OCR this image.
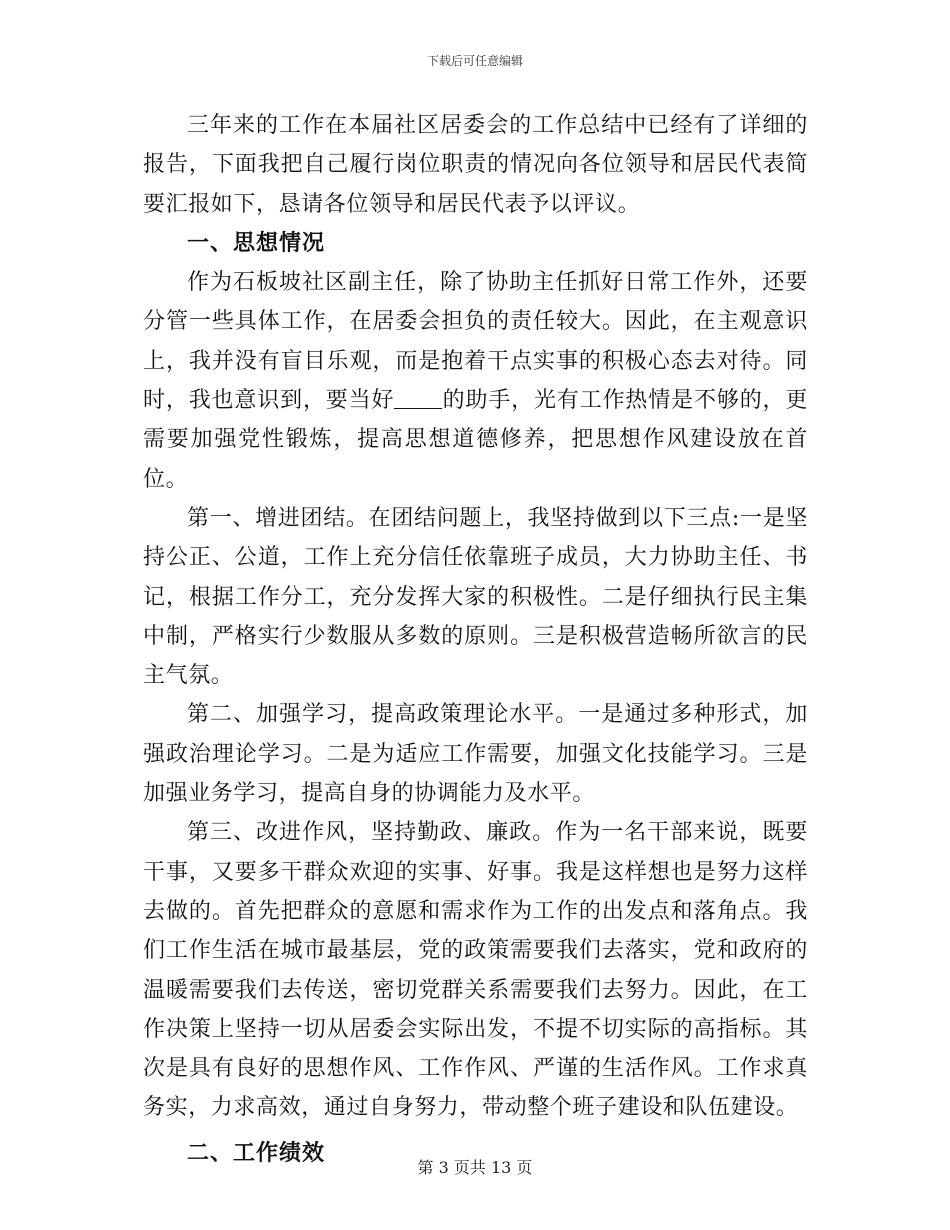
下载后可任意编辑

三年来的工作在本届社区居委会的工作总结中已经有了详细的报告，下面我把自己履行岗位职责的情况向各位领导和居民代表简要汇报如下，恳请各位领导和居民代表予以评议。

一、思想情况

作为石板坡社区副主任，除了协助主任抓好日常工作外，还要分管一些具体工作，在居委会担负的责任较大。因此，在主观意识上，我并没有盲目乐观，而是抱着干点实事的积极心态去对待。同时，我也意识到，要当好 的助手，光有工作热情是不够的，更需要加强党性锻炼，提高思想道德修养，把思想作风建设放在首位。

第一、增进团结。在团结问题上，我坚持做到以下三点:一是坚持公正、公道，工作上充分信任依靠班子成员，大力协助主任、书记，根据工作分工，充分发挥大家的积极性。二是仔细执行民主集中制，严格实行少数服从多数的原则。三是积极营造畅所欲言的民主气氛。

第二、加强学习，提高政策理论水平。一是通过多种形式，加强政治理论学习。二是为适应工作需要，加强文化技能学习。三是加强业务学习，提高自身的协调能力及水平。

第三、改进作风，坚持勤政、廉政。作为一名干部来说，既要干事，又要多干群众欢迎的实事、好事。我是这样想也是努力这样去做的。首先把群众的意愿和需求作为工作的出发点和落角点。我们工作生活在城市最基层，党的政策需要我们去落实，党和政府的温暖需要我们去传送，密切党群关系需要我们去努力。因此，在工作决策上坚持一切从居委会实际出发，不提不切实际的高指标。其次是具有良好的思想作风、工作作风、严谨的生活作风。工作求真务实，力求高效，通过自身努力，带动整个班子建设和队伍建设。

二、工作绩效

第 3 页共 13 页
